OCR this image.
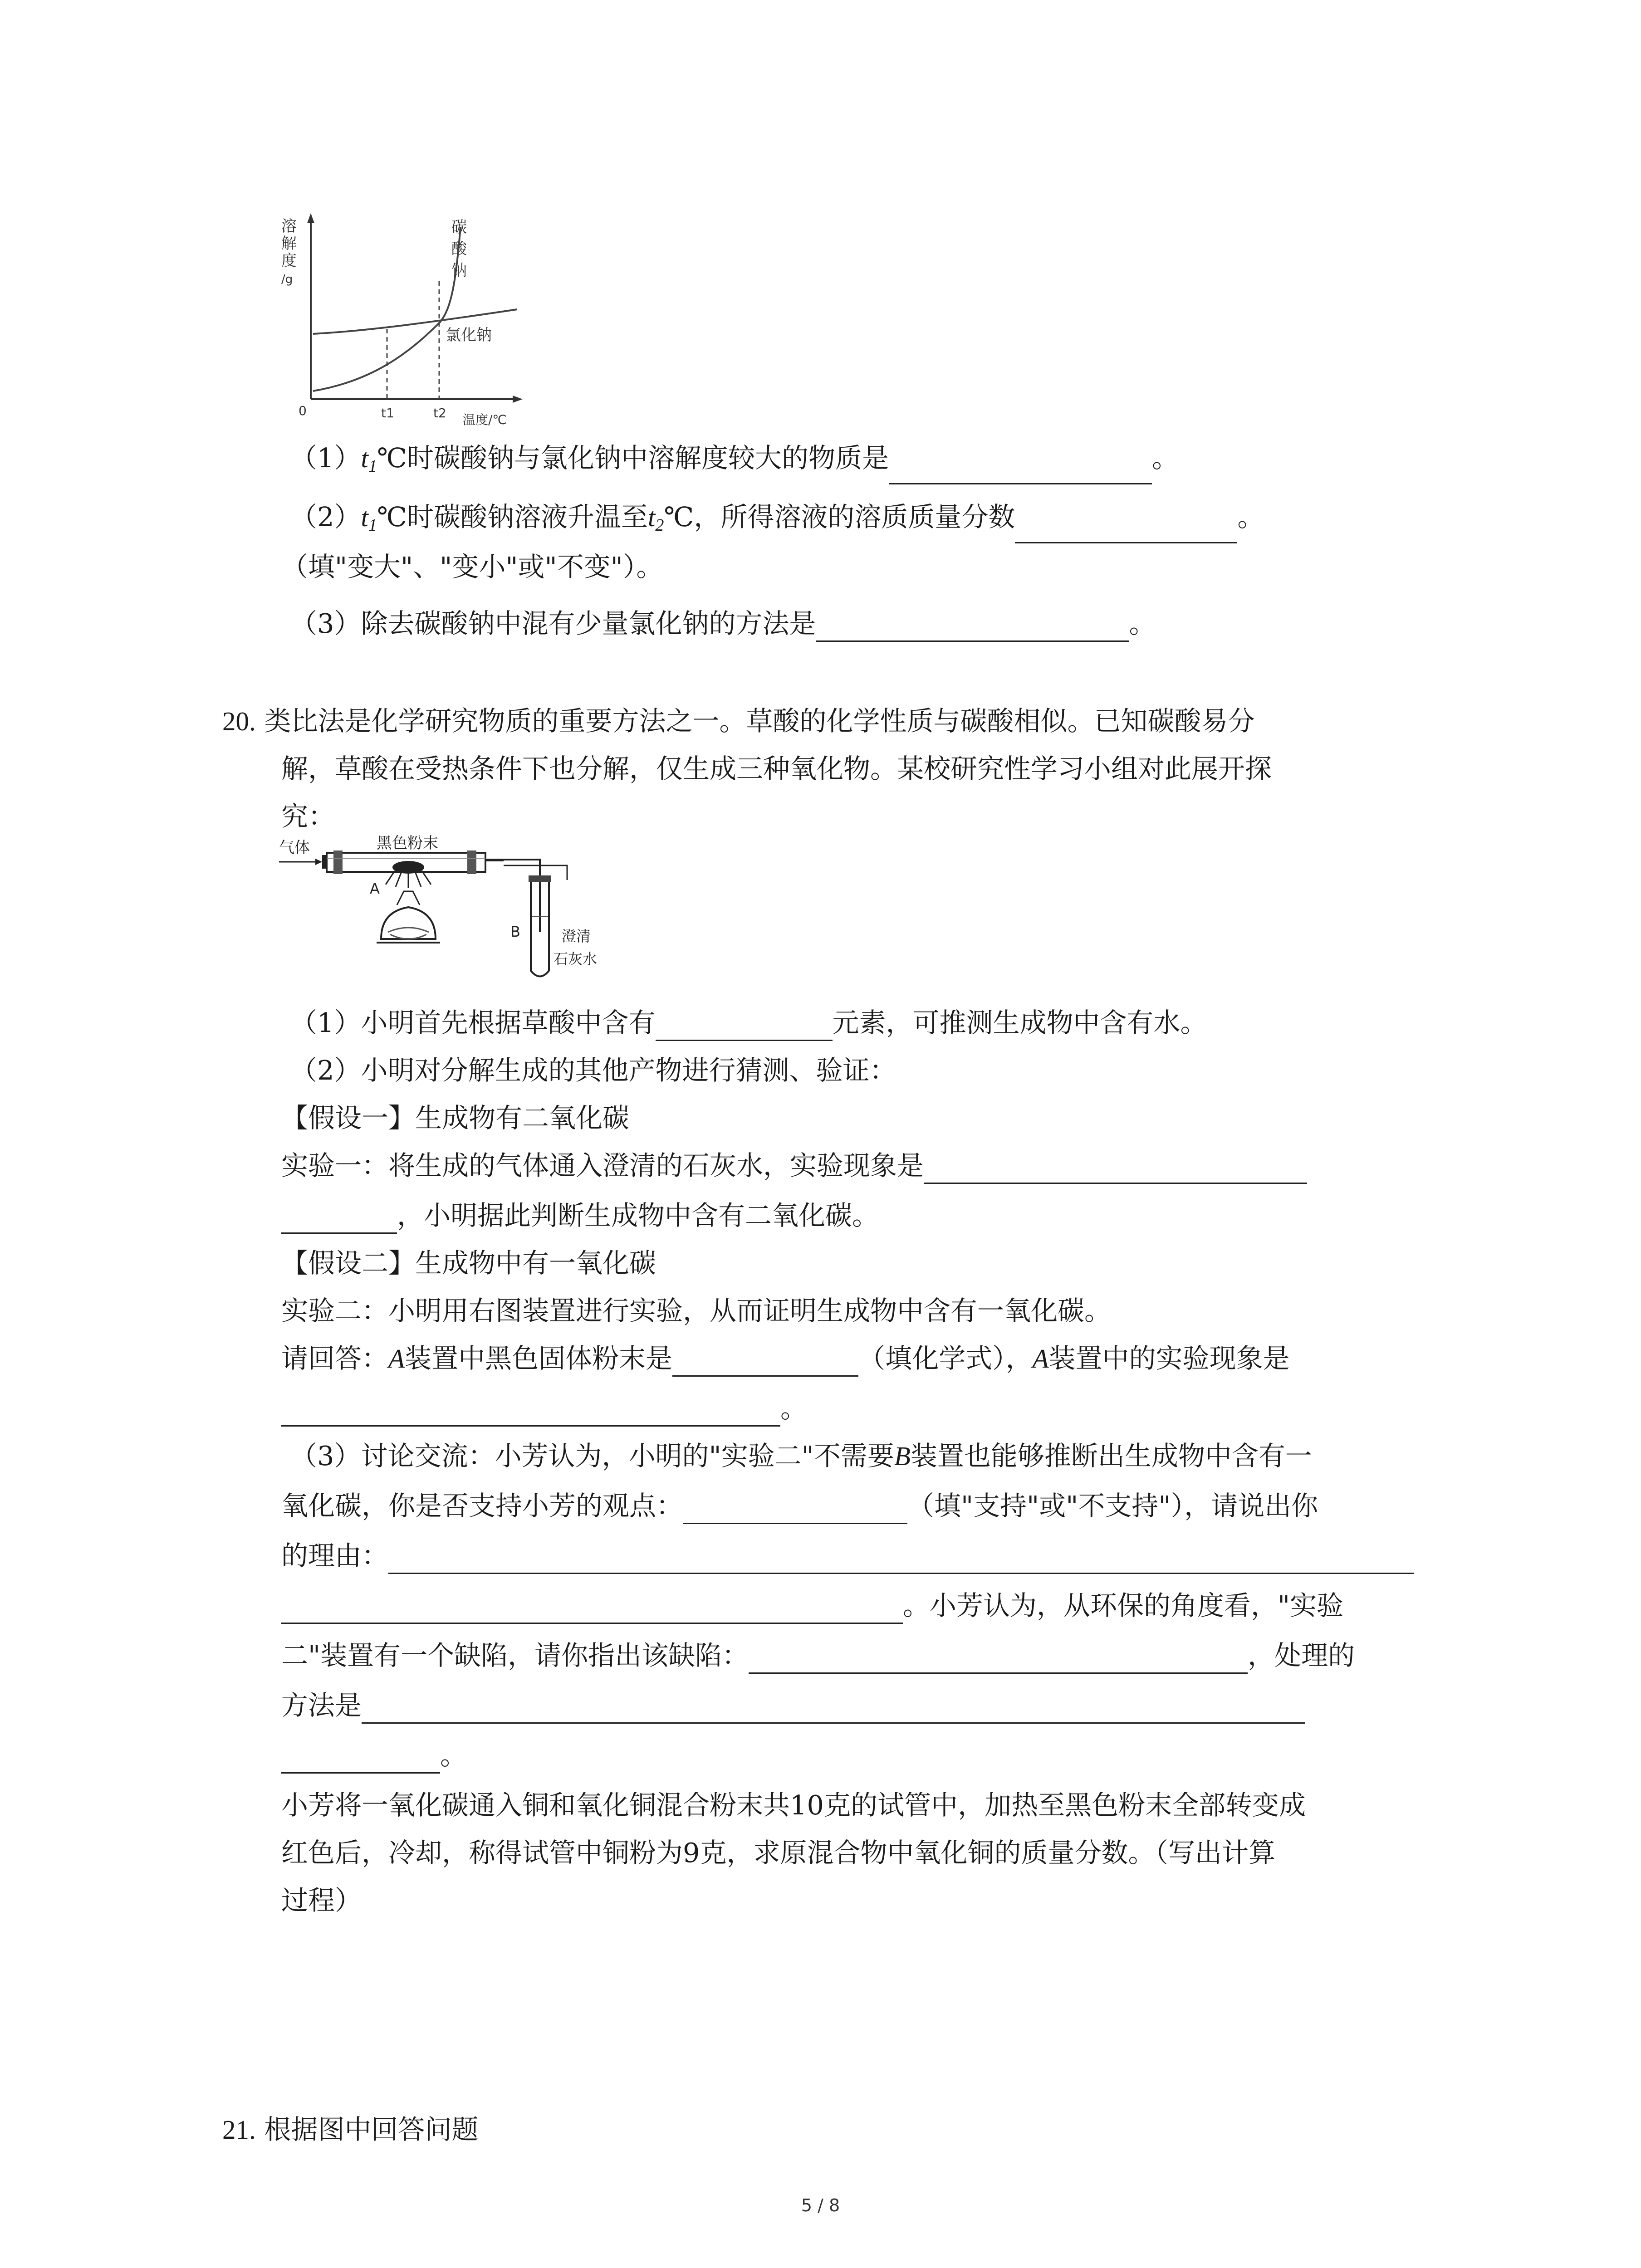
溶
解
度
/g
0	t1	t2 温度/℃
碳
酸
钠
氯化钠
$(1)t_1℃$时碳酸钠与氯化钠中溶解度较大的物质是	。
$(2)t_1℃$时碳酸钠溶液升温至$t_2℃$，所得溶液的溶质质量分数	。
（填"变大"、"变小"或"不变"）。
（3）除去碳酸钠中混有少量氯化钠的方法是	。
20. 类比法是化学研究物质的重要方法之一。草酸的化学性质与碳酸相似。已知碳酸易分
解，草酸在受热条件下也分解，仅生成三种氧化物。某校研究性学习小组对此展开探
究：
气体	黑色粉末
A
B	澄清
石灰水
（1）小明首先根据草酸中含有	元素，可推测生成物中含有水。
（2）小明对分解生成的其他产物进行猜测、验证：
【假设一】生成物有二氧化碳
实验一：将生成的气体通入澄清的石灰水，实验现象是
，小明据此判断生成物中含有二氧化碳。
【假设二】生成物中有一氧化碳
实验二：小明用右图装置进行实验，从而证明生成物中含有一氧化碳。
请回答：A装置中黑色固体粉末是	（填化学式），A装置中的实验现象是
。
（3）讨论交流：小芳认为，小明的"实验二"不需要B装置也能够推断出生成物中含有一
氧化碳，你是否支持小芳的观点：	（填"支持"或"不支持"），请说出你
的理由：
。小芳认为，从环保的角度看，"实验
二"装置有一个缺陷，请你指出该缺陷：	，处理的
方法是
。
小芳将一氧化碳通入铜和氧化铜混合粉末共10克的试管中，加热至黑色粉末全部转变成
红色后，冷却，称得试管中铜粉为9克，求原混合物中氧化铜的质量分数。（写出计算
过程）
21. 根据图中回答问题
5 / 8
